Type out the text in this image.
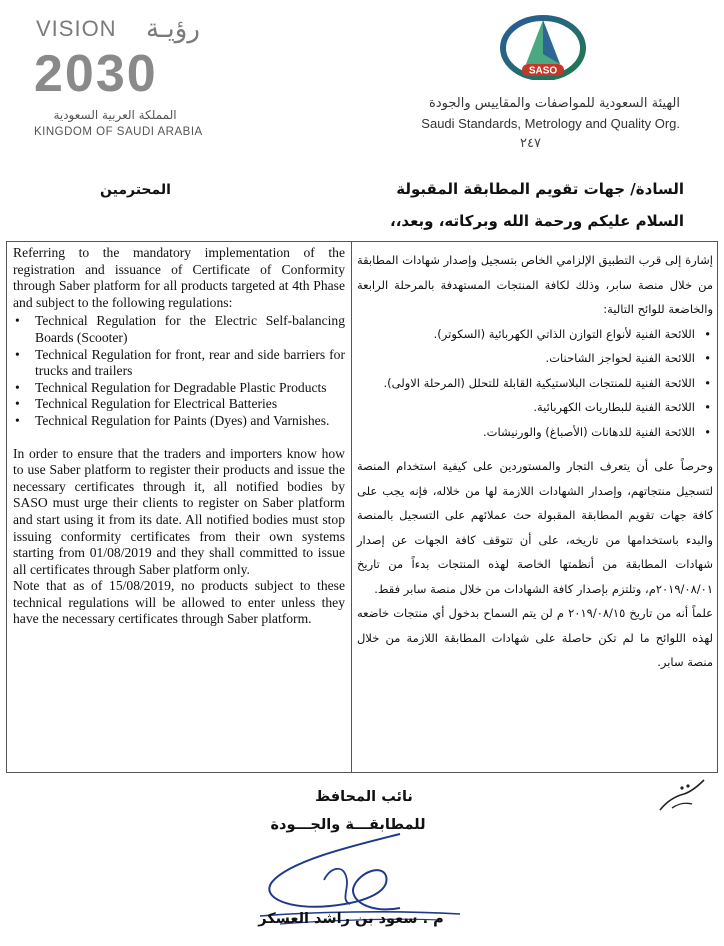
VISION رؤيـة
2030
المملكة العربية السعودية
KINGDOM OF SAUDI ARABIA
SASO
الهيئة السعودية للمواصفات والمقاييس والجودة
Saudi Standards, Metrology and Quality Org.
٢٤٧
السادة/ جهات تقويم المطابقة المقبولة
المحترمين
السلام عليكم ورحمة الله وبركاته، وبعد،،

Referring to the mandatory implementation of the registration and issuance of Certificate of Conformity through Saber platform for all products targeted at 4th Phase and subject to the following regulations:

• Technical Regulation for the Electric Self-balancing Boards (Scooter)
• Technical Regulation for front, rear and side barriers for trucks and trailers
• Technical Regulation for Degradable Plastic Products
• Technical Regulation for Electrical Batteries
• Technical Regulation for Paints (Dyes) and Varnishes.

In order to ensure that the traders and importers know how to use Saber platform to register their products and issue the necessary certificates through it, all notified bodies by SASO must urge their clients to register on Saber platform and start using it from its date. All notified bodies must stop issuing conformity certificates from their own systems starting from 01/08/2019 and they shall committed to issue all certificates through Saber platform only.

Note that as of 15/08/2019, no products subject to these technical regulations will be allowed to enter unless they have the necessary certificates through Saber platform.

إشارة إلى قرب التطبيق الإلزامي الخاص بتسجيل وإصدار شهادات المطابقة من خلال منصة سابر، وذلك لكافة المنتجات المستهدفة بالمرحلة الرابعة والخاضعة للوائح التالية:

• اللائحة الفنية لأنواع التوازن الذاتي الكهربائية (السكوتر).
• اللائحة الفنية لحواجز الشاحنات.
• اللائحة الفنية للمنتجات البلاستيكية القابلة للتحلل (المرحلة الاولى).
• اللائحة الفنية للبطاريات الكهربائية.
• اللائحة الفنية للدهانات (الأصباغ) والورنيشات.

وحرصاً على أن يتعرف التجار والمستوردين على كيفية استخدام المنصة لتسجيل منتجاتهم، وإصدار الشهادات اللازمة لها من خلاله، فإنه يجب على كافة جهات تقويم المطابقة المقبولة حث عملائهم على التسجيل بالمنصة والبدء باستخدامها من تاريخه، على أن تتوقف كافة الجهات عن إصدار شهادات المطابقة من أنظمتها الخاصة لهذه المنتجات بدءاً من تاريخ ٢٠١٩/٠٨/٠١م، وتلتزم بإصدار كافة الشهادات من خلال منصة سابر فقط.

علماً أنه من تاريخ ٢٠١٩/٠٨/١٥ م لن يتم السماح بدخول أي منتجات خاضعه لهذه اللوائح ما لم تكن حاصلة على شهادات المطابقة اللازمة من خلال منصة سابر.

نائب المحافظ
للمطابقـــة والجـــودة
م . سعود بن راشد العسكر
